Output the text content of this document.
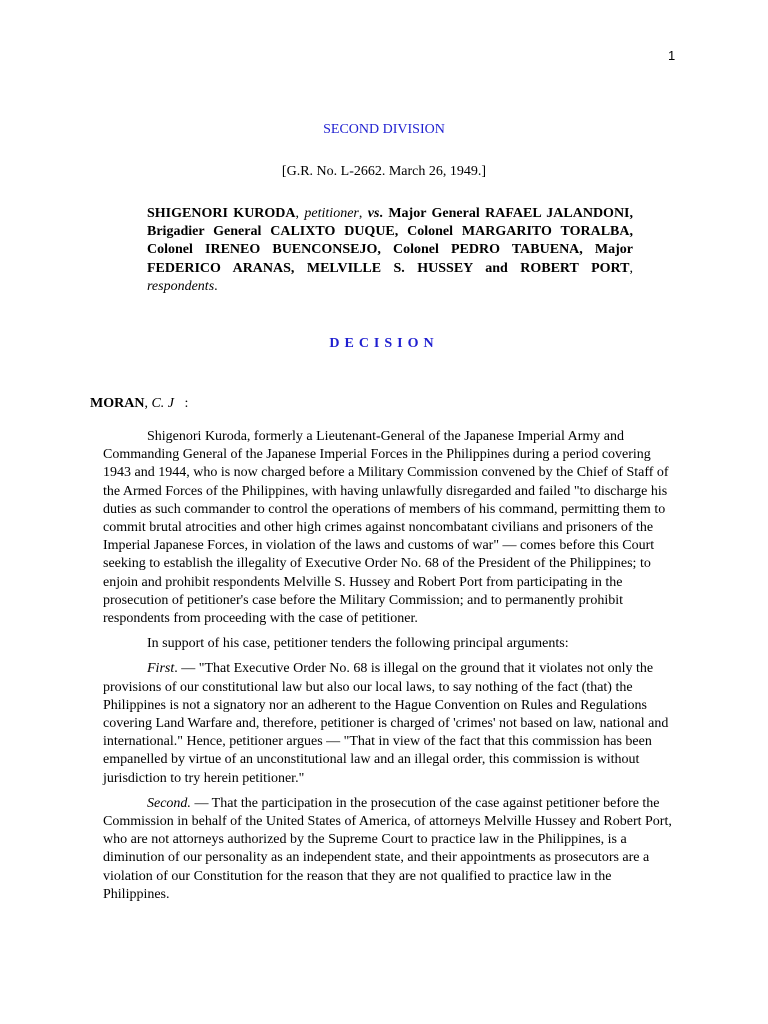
1
SECOND DIVISION
[G.R. No. L-2662. March 26, 1949.]
SHIGENORI KURODA, petitioner, vs. Major General RAFAEL JALANDONI, Brigadier General CALIXTO DUQUE, Colonel MARGARITO TORALBA, Colonel IRENEO BUENCONSEJO, Colonel PEDRO TABUENA, Major FEDERICO ARANAS, MELVILLE S. HUSSEY and ROBERT PORT, respondents.
DECISION
MORAN, C. J :

Shigenori Kuroda, formerly a Lieutenant-General of the Japanese Imperial Army and Commanding General of the Japanese Imperial Forces in the Philippines during a period covering 1943 and 1944, who is now charged before a Military Commission convened by the Chief of Staff of the Armed Forces of the Philippines, with having unlawfully disregarded and failed "to discharge his duties as such commander to control the operations of members of his command, permitting them to commit brutal atrocities and other high crimes against noncombatant civilians and prisoners of the Imperial Japanese Forces, in violation of the laws and customs of war" — comes before this Court seeking to establish the illegality of Executive Order No. 68 of the President of the Philippines; to enjoin and prohibit respondents Melville S. Hussey and Robert Port from participating in the prosecution of petitioner's case before the Military Commission; and to permanently prohibit respondents from proceeding with the case of petitioner.

In support of his case, petitioner tenders the following principal arguments:

First. — "That Executive Order No. 68 is illegal on the ground that it violates not only the provisions of our constitutional law but also our local laws, to say nothing of the fact (that) the Philippines is not a signatory nor an adherent to the Hague Convention on Rules and Regulations covering Land Warfare and, therefore, petitioner is charged of 'crimes' not based on law, national and international." Hence, petitioner argues — "That in view of the fact that this commission has been empanelled by virtue of an unconstitutional law and an illegal order, this commission is without jurisdiction to try herein petitioner."

Second. — That the participation in the prosecution of the case against petitioner before the Commission in behalf of the United States of America, of attorneys Melville Hussey and Robert Port, who are not attorneys authorized by the Supreme Court to practice law in the Philippines, is a diminution of our personality as an independent state, and their appointments as prosecutors are a violation of our Constitution for the reason that they are not qualified to practice law in the Philippines.
